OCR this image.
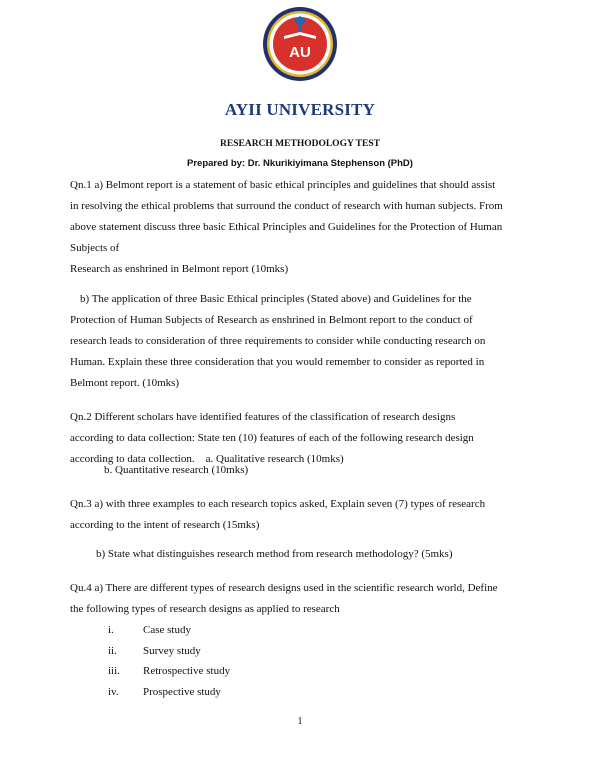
AU
AYII UNIVERSITY
RESEARCH METHODOLOGY TEST
Prepared by: Dr. Nkurikiyimana Stephenson (PhD)
Qn.1 a) Belmont report is a statement of basic ethical principles and guidelines that should assist
in resolving the ethical problems that surround the conduct of research with human subjects. From
above statement discuss three basic Ethical Principles and Guidelines for the Protection of Human
Subjects of
Research as enshrined in Belmont report (10mks)
b) The application of three Basic Ethical principles (Stated above) and Guidelines for the
Protection of Human Subjects of Research as enshrined in Belmont report to the conduct of
research leads to consideration of three requirements to consider while conducting research on
Human. Explain these three consideration that you would remember to consider as reported in
Belmont report. (10mks)
Qn.2 Different scholars have identified features of the classification of research designs
according to data collection: State ten (10) features of each of the following research design
according to data collection.    a. Qualitative research (10mks)
b. Quantitative research (10mks)
Qn.3 a) with three examples to each research topics asked, Explain seven (7) types of research
according to the intent of research (15mks)
b) State what distinguishes research method from research methodology? (5mks)
Qu.4 a) There are different types of research designs used in the scientific research world, Define
the following types of research designs as applied to research
i.	Case study
ii.	Survey study
iii.	Retrospective study
iv.	Prospective study
1
